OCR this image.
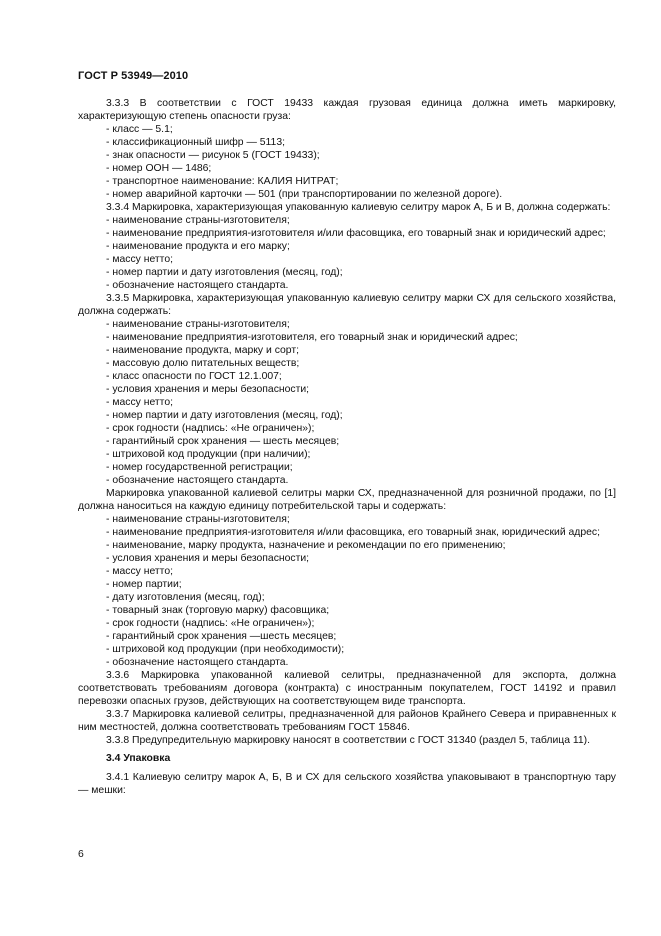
ГОСТ Р 53949—2010

3.3.3 В соответствии с ГОСТ 19433 каждая грузовая единица должна иметь маркировку, характеризующую степень опасности груза:

- класс — 5.1;

- классификационный шифр — 5113;

- знак опасности — рисунок 5 (ГОСТ 19433);

- номер ООН — 1486;

- транспортное наименование: КАЛИЯ НИТРАТ;

- номер аварийной карточки — 501 (при транспортировании по железной дороге).

3.3.4 Маркировка, характеризующая упакованную калиевую селитру марок А, Б и В, должна содержать:

- наименование страны-изготовителя;

- наименование предприятия-изготовителя и/или фасовщика, его товарный знак и юридический адрес;

- наименование продукта и его марку;

- массу нетто;

- номер партии и дату изготовления (месяц, год);

- обозначение настоящего стандарта.

3.3.5 Маркировка, характеризующая упакованную калиевую селитру марки СХ для сельского хозяйства, должна содержать:

- наименование страны-изготовителя;

- наименование предприятия-изготовителя, его товарный знак и юридический адрес;

- наименование продукта, марку и сорт;

- массовую долю питательных веществ;

- класс опасности по ГОСТ 12.1.007;

- условия хранения и меры безопасности;

- массу нетто;

- номер партии и дату изготовления (месяц, год);

- срок годности (надпись: «Не ограничен»);

- гарантийный срок хранения — шесть месяцев;

- штриховой код продукции (при наличии);

- номер государственной регистрации;

- обозначение настоящего стандарта.

Маркировка упакованной калиевой селитры марки СХ, предназначенной для розничной продажи, по [1] должна наноситься на каждую единицу потребительской тары и содержать:

- наименование страны-изготовителя;

- наименование предприятия-изготовителя и/или фасовщика, его товарный знак, юридический адрес;

- наименование, марку продукта, назначение и рекомендации по его применению;

- условия хранения и меры безопасности;

- массу нетто;

- номер партии;

- дату изготовления (месяц, год);

- товарный знак (торговую марку) фасовщика;

- срок годности (надпись: «Не ограничен»);

- гарантийный срок хранения —шесть месяцев;

- штриховой код продукции (при необходимости);

- обозначение настоящего стандарта.

3.3.6 Маркировка упакованной калиевой селитры, предназначенной для экспорта, должна соответствовать требованиям договора (контракта) с иностранным покупателем, ГОСТ 14192 и правил перевозки опасных грузов, действующих на соответствующем виде транспорта.

3.3.7 Маркировка калиевой селитры, предназначенной для районов Крайнего Севера и приравненных к ним местностей, должна соответствовать требованиям ГОСТ 15846.

3.3.8 Предупредительную маркировку наносят в соответствии с ГОСТ 31340 (раздел 5, таблица 11).

3.4 Упаковка

3.4.1 Калиевую селитру марок А, Б, В и СХ для сельского хозяйства упаковывают в транспортную тару — мешки:

6
